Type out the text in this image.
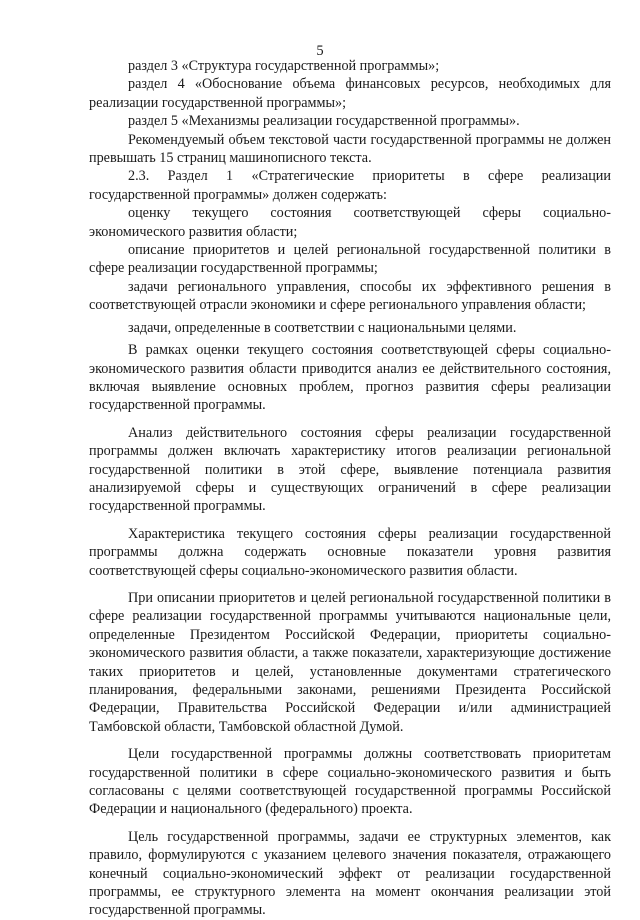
5

раздел 3 «Структура государственной программы»;

раздел 4 «Обоснование объема финансовых ресурсов, необходимых для реализации государственной программы»;

раздел 5 «Механизмы реализации государственной программы».

Рекомендуемый объем текстовой части государственной программы не должен превышать 15 страниц машинописного текста.

2.3. Раздел 1 «Стратегические приоритеты в сфере реализации государственной программы» должен содержать:

оценку текущего состояния соответствующей сферы социально-экономического развития области;

описание приоритетов и целей региональной государственной политики в сфере реализации государственной программы;

задачи регионального управления, способы их эффективного решения в соответствующей отрасли экономики и сфере регионального управления области;

задачи, определенные в соответствии с национальными целями.

В рамках оценки текущего состояния соответствующей сферы социально-экономического развития области приводится анализ ее действительного состояния, включая выявление основных проблем, прогноз развития сферы реализации государственной программы.

Анализ действительного состояния сферы реализации государственной программы должен включать характеристику итогов реализации региональной государственной политики в этой сфере, выявление потенциала развития анализируемой сферы и существующих ограничений в сфере реализации государственной программы.

Характеристика текущего состояния сферы реализации государственной программы должна содержать основные показатели уровня развития соответствующей сферы социально-экономического развития области.

При описании приоритетов и целей региональной государственной политики в сфере реализации государственной программы учитываются национальные цели, определенные Президентом Российской Федерации, приоритеты социально-экономического развития области, а также показатели, характеризующие достижение таких приоритетов и целей, установленные документами стратегического планирования, федеральными законами, решениями Президента Российской Федерации, Правительства Российской Федерации и/или администрацией Тамбовской области, Тамбовской областной Думой.

Цели государственной программы должны соответствовать приоритетам государственной политики в сфере социально-экономического развития и быть согласованы с целями соответствующей государственной программы Российской Федерации и национального (федерального) проекта.

Цель государственной программы, задачи ее структурных элементов, как правило, формулируются с указанием целевого значения показателя, отражающего конечный социально-экономический эффект от реализации государственной программы, ее структурного элемента на момент окончания реализации этой государственной программы.
